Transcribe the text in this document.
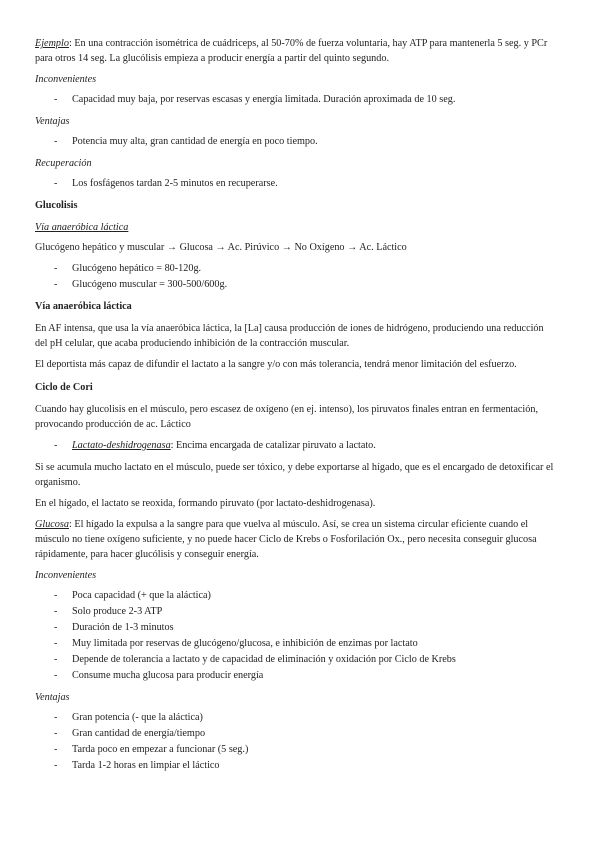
Ejemplo: En una contracción isométrica de cuádriceps, al 50-70% de fuerza voluntaria, hay ATP para mantenerla 5 seg. y PCr para otros 14 seg. La glucólisis empieza a producir energía a partir del quinto segundo.

Inconvenientes

- Capacidad muy baja, por reservas escasas y energía limitada. Duración aproximada de 10 seg.

Ventajas

- Potencia muy alta, gran cantidad de energía en poco tiempo.

Recuperación

- Los fosfágenos tardan 2-5 minutos en recuperarse.

Glucolisis

Vía anaeróbica láctica

Glucógeno hepático y muscular → Glucosa → Ac. Pirúvico → No Oxígeno → Ac. Láctico

- Glucógeno hepático = 80-120g.
- Glucógeno muscular = 300-500/600g.

Vía anaeróbica láctica

En AF intensa, que usa la vía anaeróbica láctica, la [La] causa producción de iones de hidrógeno, produciendo una reducción del pH celular, que acaba produciendo inhibición de la contracción muscular.

El deportista más capaz de difundir el lactato a la sangre y/o con más tolerancia, tendrá menor limitación del esfuerzo.

Ciclo de Cori

Cuando hay glucolisis en el músculo, pero escasez de oxígeno (en ej. intenso), los piruvatos finales entran en fermentación, provocando producción de ac. Láctico

- Lactato-deshidrogenasa: Encima encargada de catalizar piruvato a lactato.

Si se acumula mucho lactato en el músculo, puede ser tóxico, y debe exportarse al hígado, que es el encargado de detoxificar el organismo.

En el hígado, el lactato se reoxida, formando piruvato (por lactato-deshidrogenasa).

Glucosa: El hígado la expulsa a la sangre para que vuelva al músculo. Así, se crea un sistema circular eficiente cuando el músculo no tiene oxígeno suficiente, y no puede hacer Ciclo de Krebs o Fosforilación Ox., pero necesita conseguir glucosa rápidamente, para hacer glucólisis y conseguir energía.

Inconvenientes

- Poca capacidad (+ que la aláctica)
- Solo produce 2-3 ATP
- Duración de 1-3 minutos
- Muy limitada por reservas de glucógeno/glucosa, e inhibición de enzimas por lactato
- Depende de tolerancia a lactato y de capacidad de eliminación y oxidación por Ciclo de Krebs
- Consume mucha glucosa para producir energía

Ventajas

- Gran potencia (- que la aláctica)
- Gran cantidad de energía/tiempo
- Tarda poco en empezar a funcionar (5 seg.)
- Tarda 1-2 horas en limpiar el láctico
